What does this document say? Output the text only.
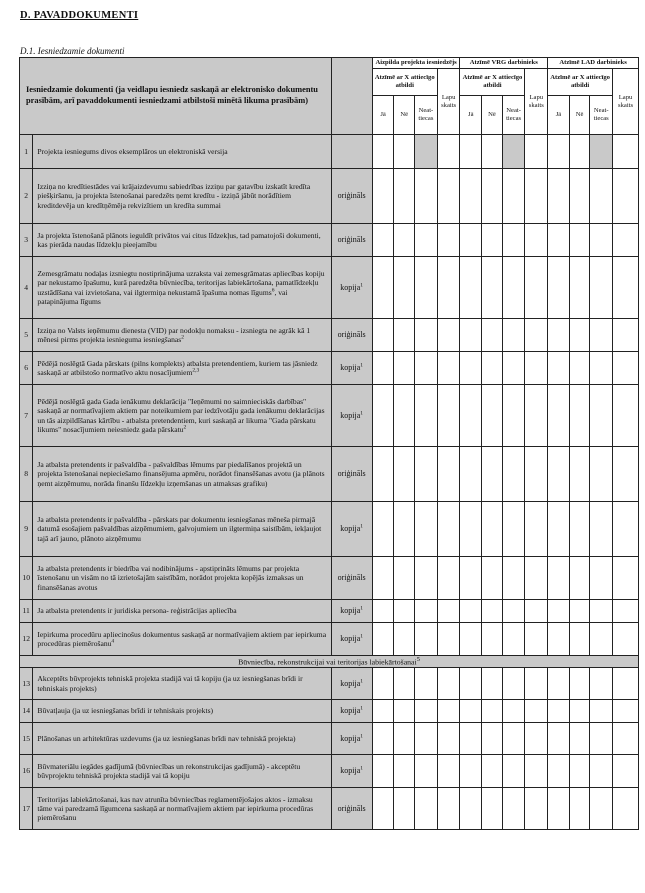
D. PAVADDOKUMENTI
D.1. Iesniedzamie dokumenti
Iesniedzamie dokumenti (ja veidlapu iesniedz saskaņā ar elektronisko dokumentu prasībām, arī pavaddokumenti iesniedzami atbilstoši minētā likuma prasībām)			Aizpilda projekta iesniedzējs				Atzīmē VRG darbinieks				Atzīmē LAD darbinieks			
			Atzīmē ar X attiecīgo atbildi			Lapu skaits	Atzīmē ar X attiecīgo atbildi			Lapu skaits	Atzīmē ar X attiecīgo atbildi			Lapu skaits
			Jā	Nē	Neat-tiecas		Jā	Nē	Neat-tiecas		Jā	Nē	Neat-tiecas	
1	Projekta iesniegums divos eksemplāros un elektroniskā versija													
2	Izziņa no kredītiestādes vai krājaizdevumu sabiedrības izziņu par gatavību izskatīt kredīta piešķiršanu, ja projekta īstenošanai paredzēts ņemt kredītu - izziņā jābūt norādītiem kreditdevēja un kredītņēmēja rekvizītiem un kredīta summai	oriģināls												
3	Ja projekta īstenošanā plānots ieguldīt privātos vai citus līdzekļus, tad pamatojoši dokumenti, kas pierāda naudas līdzekļu pieejamību	oriģināls												
4	Zemesgrāmatu nodaļas izsniegtu nostiprinājuma uzraksta vai zemesgrāmatas apliecības kopiju par nekustamo īpašumu, kurā paredzēta būvniecība, teritorijas labiekārtošana, pamatlīdzekļu uzstādīšana vai izvietošana, vai ilgtermiņa nekustamā īpašuma nomas līgums$^6$, vai patapinājuma līgums	kopija$^1$												
5	Izziņa no Valsts ieņēmumu dienesta (VID) par nodokļu nomaksu - izsniegta ne agrāk kā 1 mēnesi pirms projekta iesnieguma iesniegšanas$^2$	oriģināls												
6	Pēdējā noslēgtā Gada pārskats (pilns komplekts) atbalsta pretendentiem, kuriem tas jāsniedz saskaņā ar atbilstošo normatīvo aktu nosacījumiem$^{2,3}$	kopija$^1$												
7	Pēdējā noslēgtā gada Gada ienākumu deklarācija "Ieņēmumi no saimnieciskās darbības" saskaņā ar normatīvajiem aktiem par noteikumiem par iedzīvotāju gada ienākumu deklarācijas un tās aizpildīšanas kārtību - atbalsta pretendentiem, kuri saskaņā ar likuma "Gada pārskatu likums" nosacījumiem neiesniedz gada pārskatu$^2$	kopija$^1$												
8	Ja atbalsta pretendents ir pašvaldība - pašvaldības lēmums par piedalīšanos projektā un projekta īstenošanai nepieciešamo finansējuma apmēru, norādot finansēšanas avotu (ja plānots ņemt aizņēmumu, norāda finanšu līdzekļu izņemšanas un atmaksas grafiku)	oriģināls												
9	Ja atbalsta pretendents ir pašvaldība - pārskats par dokumentu iesniegšanas mēneša pirmajā datumā esošajiem pašvaldības aizņēmumiem, galvojumiem un ilgtermiņa saistībām, iekļaujot tajā arī jauno, plānoto aizņēmumu	kopija$^1$												
10	Ja atbalsta pretendents ir biedrība vai nodibinājums - apstiprināts lēmums par projekta īstenošanu un visām no tā izrietošajām saistībām, norādot projekta kopējās izmaksas un finansēšanas avotus	oriģināls												
11	Ja atbalsta pretendents ir juridiska persona- reģistrācijas apliecība	kopija$^1$												
12	Iepirkuma procedūru apliecinošus dokumentus saskaņā ar normatīvajiem aktiem par iepirkuma procedūras piemērošanu$^4$	kopija$^1$												
Būvniecība, rekonstrukcijai vai teritorijas labiekārtošanai$^5$
13	Akceptēts būvprojekts tehniskā projekta stadijā vai tā kopiju (ja uz iesniegšanas brīdi ir tehniskais projekts)	kopija$^1$												
14	Būvatļauja (ja uz iesniegšanas brīdi ir tehniskais projekts)	kopija$^1$												
15	Plānošanas un arhitektūras uzdevums (ja uz iesniegšanas brīdi nav tehniskā projekta)	kopija$^1$												
16	Būvmateriālu iegādes gadījumā (būvniecības un rekonstrukcijas gadījumā) - akceptētu būvprojektu tehniskā projekta stadijā vai tā kopiju	kopija$^1$												
17	Teritorijas labiekārtošanai, kas nav atrunīta būvniecības reglamentējošajos aktos - izmaksu tāme vai paredzamā līgumcena saskaņā ar normatīvajiem aktiem par iepirkuma procedūras piemērošanu	oriģināls												
